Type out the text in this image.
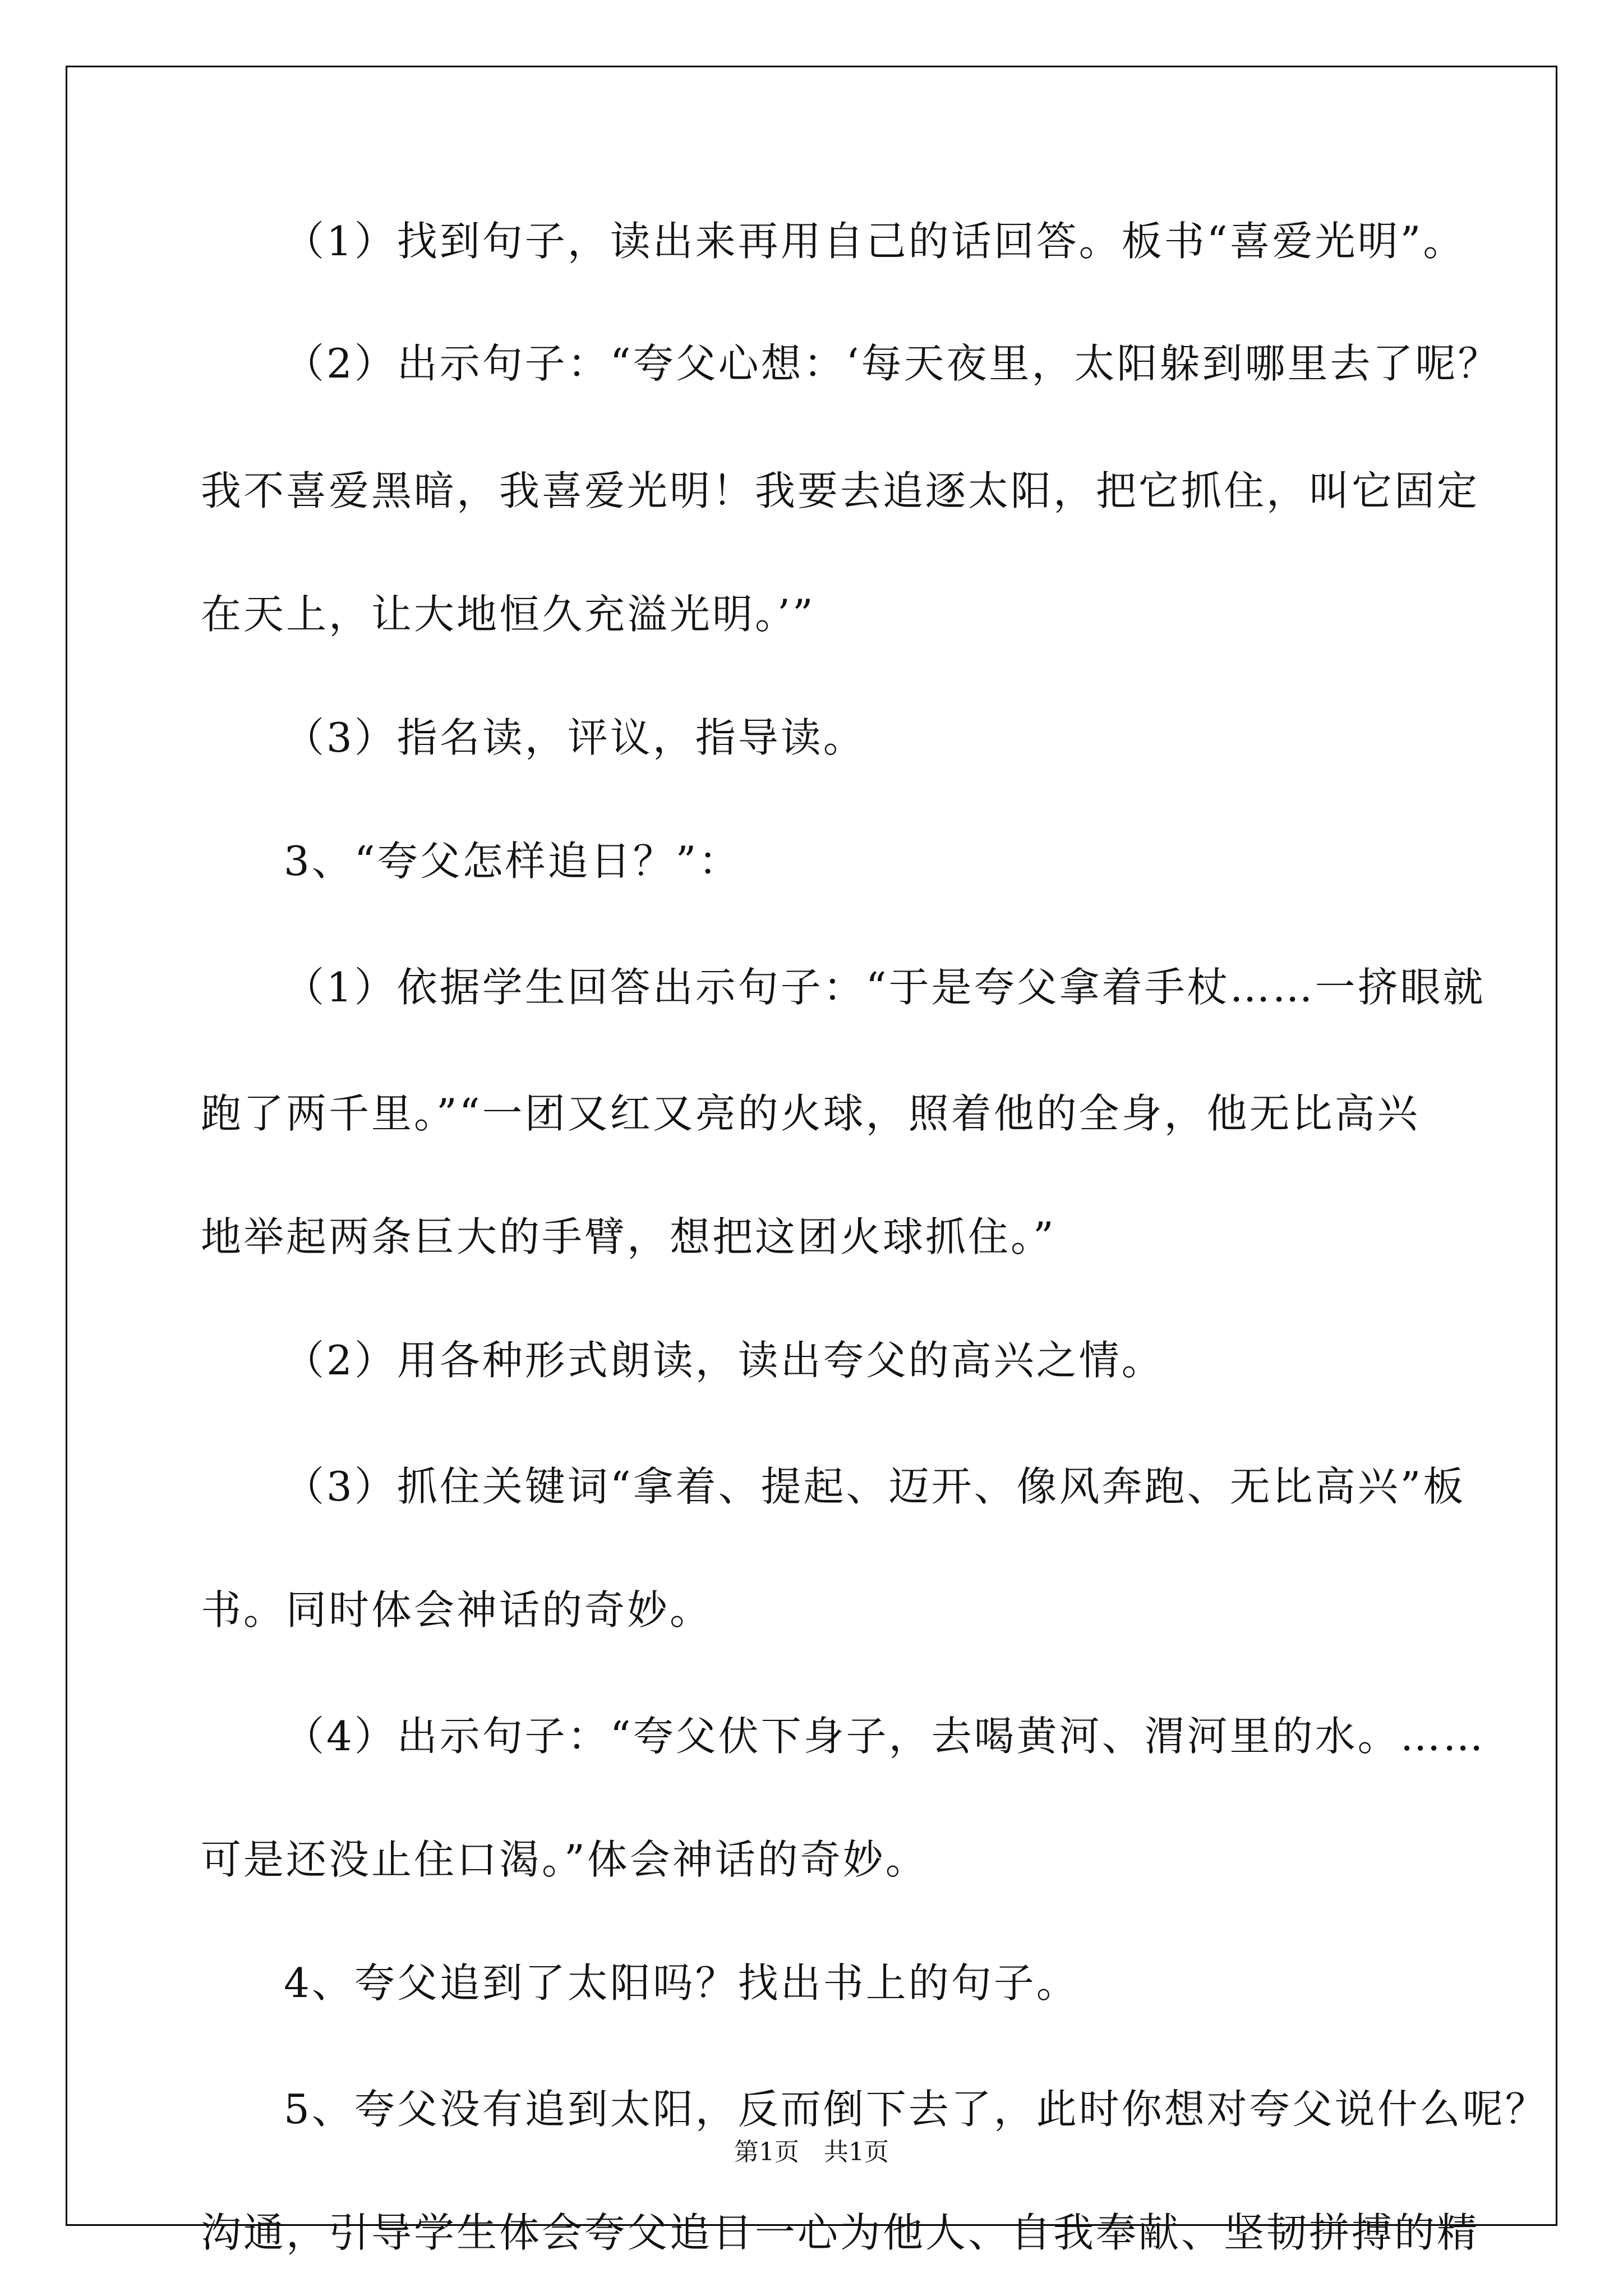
（1）找到句子，读出来再用自己的话回答。板书“喜爱光明”。
（2）出示句子：“夸父心想：‘每天夜里，太阳躲到哪里去了呢？
我不喜爱黑暗，我喜爱光明！我要去追逐太阳，把它抓住，叫它固定
在天上，让大地恒久充溢光明。’”
（3）指名读，评议，指导读。
3、“夸父怎样追日？”：
（1）依据学生回答出示句子：“于是夸父拿着手杖……一挤眼就
跑了两千里。”“一团又红又亮的火球，照着他的全身，他无比高兴
地举起两条巨大的手臂，想把这团火球抓住。”
（2）用各种形式朗读，读出夸父的高兴之情。
（3）抓住关键词“拿着、提起、迈开、像风奔跑、无比高兴”板
书。同时体会神话的奇妙。
（4）出示句子：“夸父伏下身子，去喝黄河、渭河里的水。……
可是还没止住口渴。”体会神话的奇妙。
4、夸父追到了太阳吗？找出书上的句子。
5、夸父没有追到太阳，反而倒下去了，此时你想对夸父说什么呢？
沟通，引导学生体会夸父追日一心为他人、自我奉献、坚韧拼搏的精
第1页　共1页
